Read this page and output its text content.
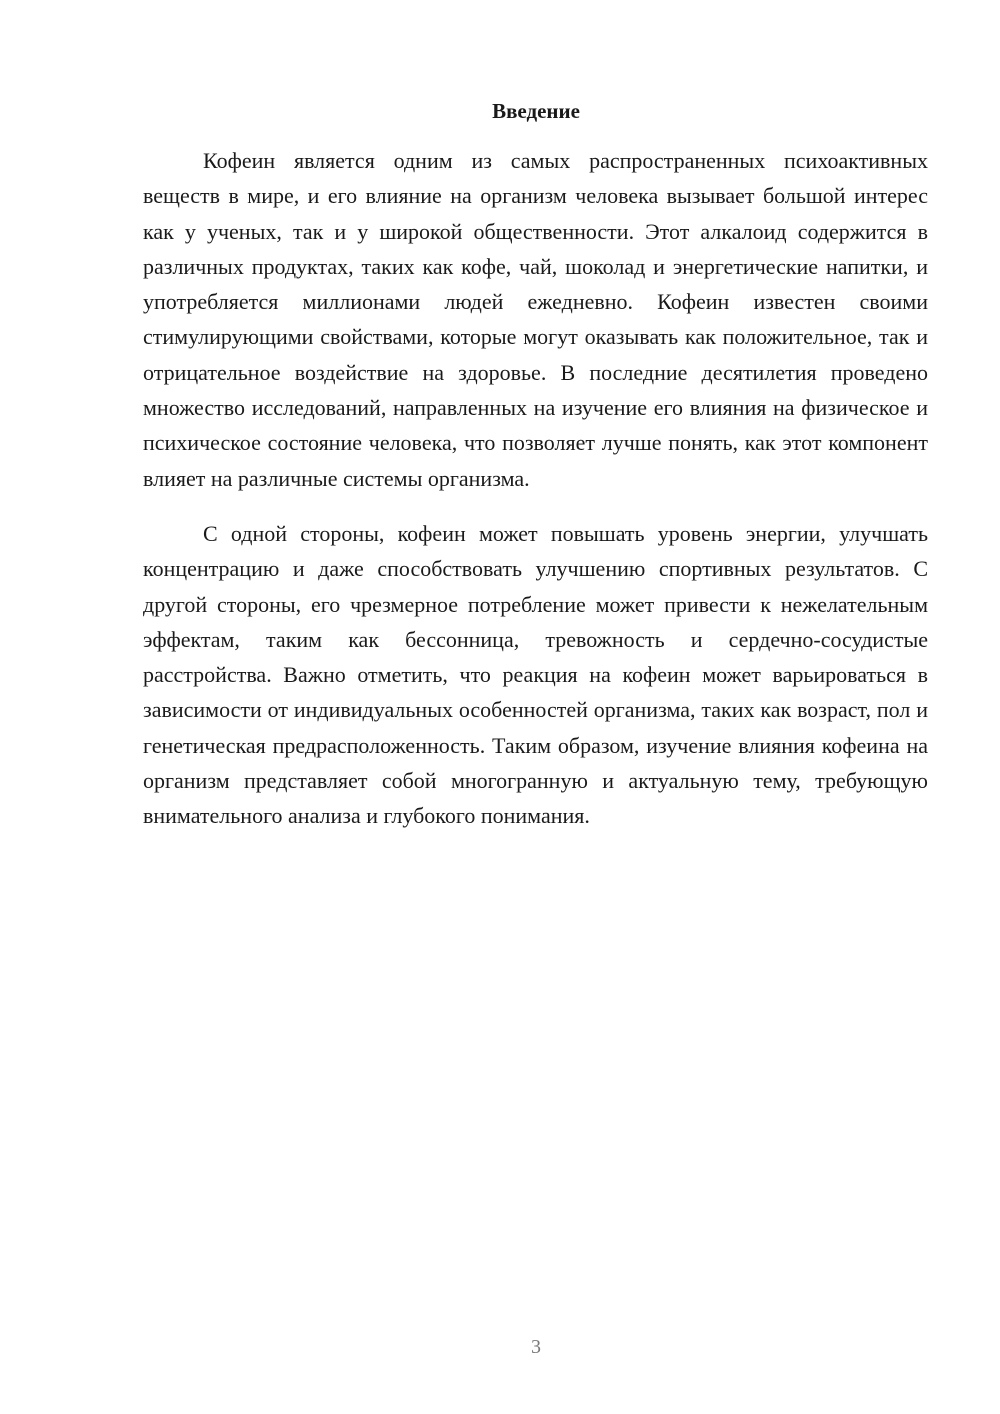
Введение

Кофеин является одним из самых распространенных психоактивных веществ в мире, и его влияние на организм человека вызывает большой интерес как у ученых, так и у широкой общественности. Этот алкалоид содержится в различных продуктах, таких как кофе, чай, шоколад и энергетические напитки, и употребляется миллионами людей ежедневно. Кофеин известен своими стимулирующими свойствами, которые могут оказывать как положительное, так и отрицательное воздействие на здоровье. В последние десятилетия проведено множество исследований, направленных на изучение его влияния на физическое и психическое состояние человека, что позволяет лучше понять, как этот компонент влияет на различные системы организма.

С одной стороны, кофеин может повышать уровень энергии, улучшать концентрацию и даже способствовать улучшению спортивных результатов. С другой стороны, его чрезмерное потребление может привести к нежелательным эффектам, таким как бессонница, тревожность и сердечно-сосудистые расстройства. Важно отметить, что реакция на кофеин может варьироваться в зависимости от индивидуальных особенностей организма, таких как возраст, пол и генетическая предрасположенность. Таким образом, изучение влияния кофеина на организм представляет собой многогранную и актуальную тему, требующую внимательного анализа и глубокого понимания.

3
